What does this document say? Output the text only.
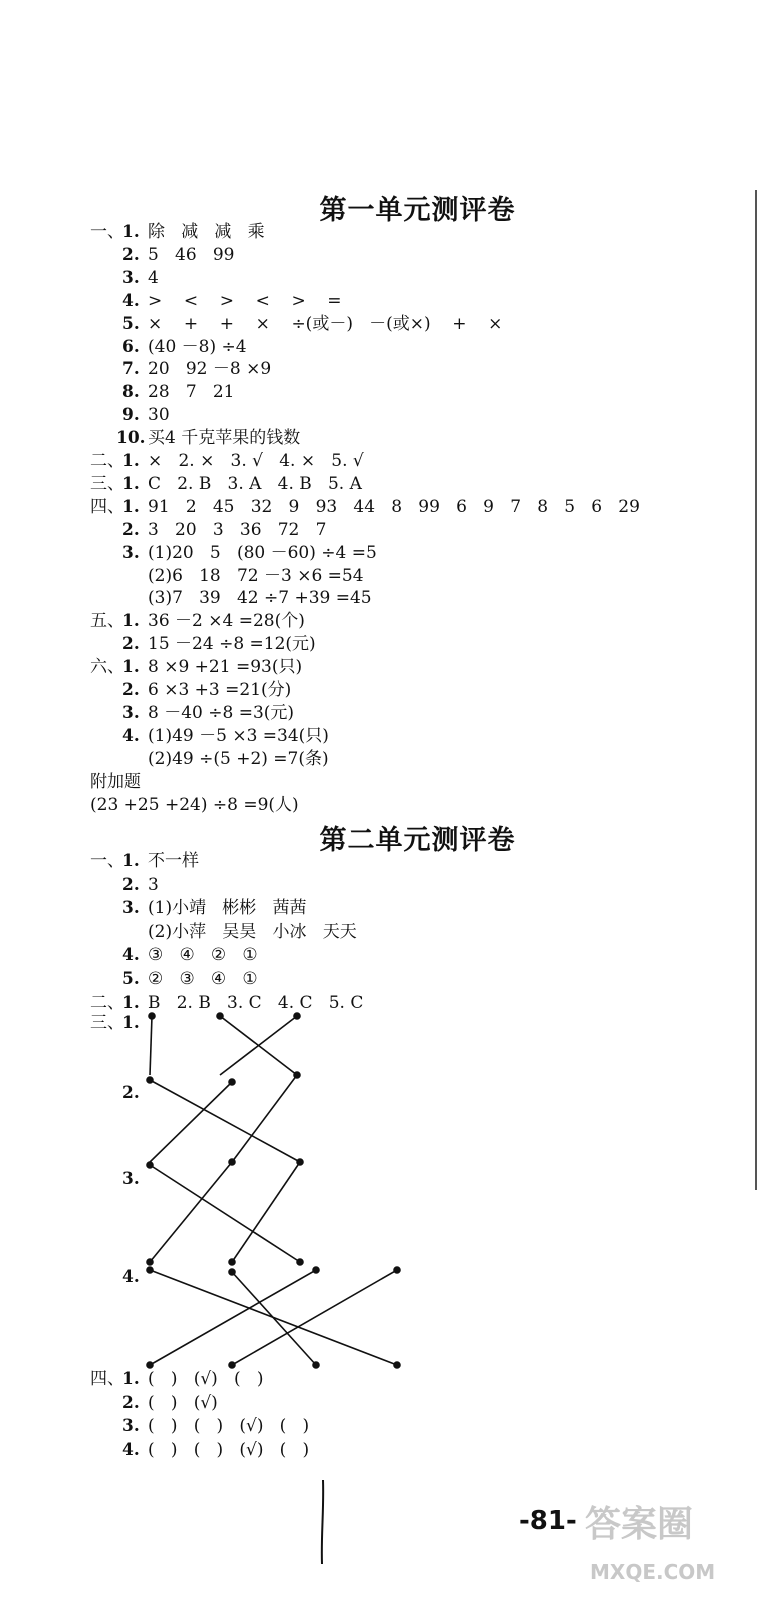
第一单元测评卷
一、
1. 除   减   减   乘
2. 5   46   99
3. 4
4. >    <    >    <    >    =
5. ×    +    +    ×    ÷(或－)   －(或×)    +    ×
6. (40 －8) ÷4
7. 20   92 －8 ×9
8. 28   7   21
9. 30
10. 买4 千克苹果的钱数
二、
1. ×   2. ×   3. √   4. ×   5. √
三、
1. C   2. B   3. A   4. B   5. A
四、
1. 91   2   45   32   9   93   44   8   99   6   9   7   8   5   6   29
2. 3   20   3   36   72   7
3. (1)20   5   (80 －60) ÷4 =5
(2)6   18   72 －3 ×6 =54
(3)7   39   42 ÷7 +39 =45
五、
1. 36 －2 ×4 =28(个)
2. 15 －24 ÷8 =12(元)
六、
1. 8 ×9 +21 =93(只)
2. 6 ×3 +3 =21(分)
3. 8 －40 ÷8 =3(元)
4. (1)49 －5 ×3 =34(只)
(2)49 ÷(5 +2) =7(条)
附加题
(23 +25 +24) ÷8 =9(人)
第二单元测评卷
一、
1. 不一样
2. 3
3. (1)小靖   彬彬   茜茜
(2)小萍   吴昊   小冰   天天
4. ③   ④   ②   ①
5. ②   ③   ④   ①
二、
1. B   2. B   3. C   4. C   5. C
三、
1.
2.
3.
4.
四、
1. (   )   (√)   (   )
2. (   )   (√)
3. (   )   (   )   (√)   (   )
4. (   )   (   )   (√)   (   )
-81- 答案圈
MXQE.COM
